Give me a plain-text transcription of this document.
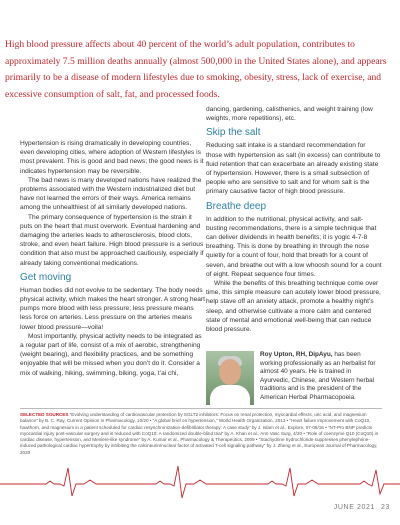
High blood pressure affects about 40 percent of the world’s adult population, contributes to approximately 7.5 million deaths annually (almost 500,000 in the United States alone), and appears primarily to be a disease of modern lifestyles due to smoking, obesity, stress, lack of exercise, and excessive consumption of salt, fat, and processed foods.

Hypertension is rising dramatically in developing countries, even developing cities, where adoption of Western lifestyles is most prevalent. This is good and bad news; the good news is it indicates hypertension may be reversible.

The bad news is many developed nations have realized the problems associated with the Western industrialized diet but have not learned the errors of their ways. America remains among the unhealthiest of all similarly developed nations.

The primary consequence of hypertension is the strain it puts on the heart that must overwork. Eventual hardening and damaging the arteries leads to atherosclerosis, blood clots, stroke, and even heart failure. High blood pressure is a serious condition that also must be approached cautiously, especially if already taking conventional medications.

Get moving

Human bodies did not evolve to be sedentary. The body needs physical activity, which makes the heart stronger. A strong heart pumps more blood with less pressure; less pressure means less force on arteries. Less pressure on the arteries means lower blood pressure—voila!

Most importantly, physical activity needs to be integrated as a regular part of life, consist of a mix of aerobic, strengthening (weight bearing), and flexibility practices, and be something enjoyable that will be missed when you don’t do it. Consider a mix of walking, hiking, swimming, biking, yoga, t’ai chi,

dancing, gardening, calisthenics, and weight training (low weights, more repetitions), etc.

Skip the salt

Reducing salt intake is a standard recommendation for those with hypertension as salt (in excess) can contribute to fluid retention that can exacerbate an already existing state of hypertension. However, there is a small subsection of people who are sensitive to salt and for whom salt is the primary causative factor of high blood pressure.

Breathe deep

In addition to the nutritional, physical activity, and salt-busting recommendations, there is a simple technique that can deliver dividends in health benefits; it is yogic 4-7-8 breathing. This is done by breathing in through the nose quietly for a count of four, hold that breath for a count of seven, and breathe out with a low whoosh sound for a count of eight. Repeat sequence four times.

While the benefits of this breathing technique come over time, this simple measure can acutely lower blood pressure, help stave off an anxiety attack, promote a healthy night’s sleep, and otherwise cultivate a more calm and centered state of mental and emotional well-being that can reduce blood pressure.

Roy Upton, RH, DipAyu, has been working professionally as an herbalist for almost 40 years. He is trained in Ayurvedic, Chinese, and Western herbal traditions and is the president of the American Herbal Pharmacopoeia.
SELECTED SOURCES “Evolving understanding of cardiovascular protection by SGLT2 inhibitors: Focus on renal protection, myocardial effects, uric acid, and magnesium balance” by B. C. Ray, Current Opinion in Pharmacology, 10/20 • “A global brief on hypertension,” World Health Organization, 2013 • “Heart failure improvement with CoQ10, hawthorn, and magnesium in a patient scheduled for cardiac resynchronization-defibrillator therapy: A case study” by J. Islam et al., Explore, 07-08/16 • “NT-Pro BNP predicts myocardial injury post-vascular surgery and is reduced with CoQ10: A randomized double-blind trial” by A. Khan et al., Ann Vasc Surg, 4/20 • “Role of coenzyme Q10 (CoQ10) in cardiac disease, hypertension, and Meniere-like syndrome” by A. Kumar et al., Pharmacology & Therapeutics, 2009 • “Stachydrine hydrochloride suppresses phenylephrine-induced pathological cardiac hypertrophy by inhibiting the calcineurin/nuclear factor of activated T-cell signaling pathway” by J. Zheng et al., European Journal of Pharmacology, 2020
JUNE 2021 23
